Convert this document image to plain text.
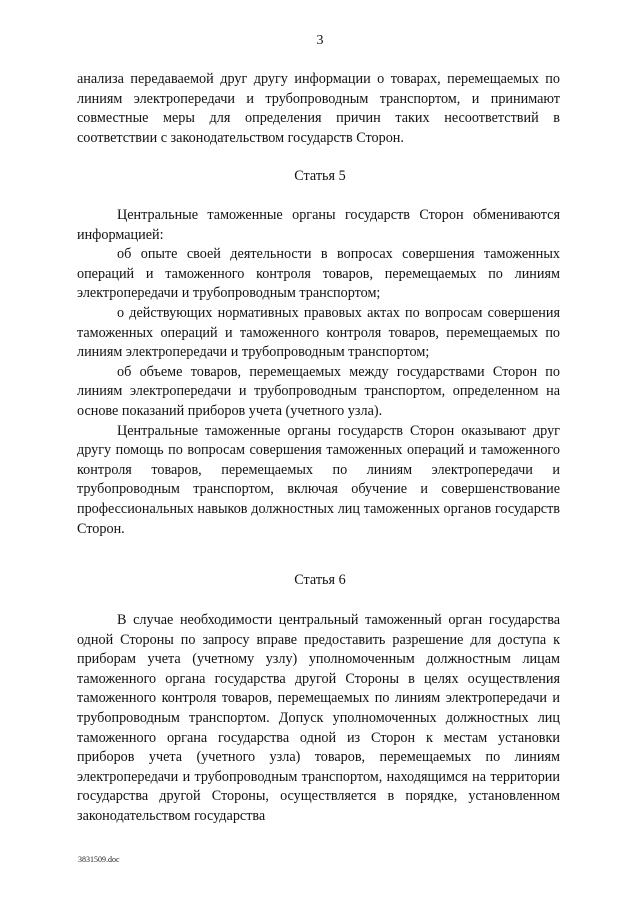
3

анализа передаваемой друг другу информации о товарах, перемещаемых по линиям электропередачи и трубопроводным транспортом, и принимают совместные меры для определения причин таких несоответствий в соответствии с законодательством государств Сторон.

Статья 5

Центральные таможенные органы государств Сторон обмениваются информацией:

об опыте своей деятельности в вопросах совершения таможенных операций и таможенного контроля товаров, перемещаемых по линиям электропередачи и трубопроводным транспортом;

о действующих нормативных правовых актах по вопросам совершения таможенных операций и таможенного контроля товаров, перемещаемых по линиям электропередачи и трубопроводным транспортом;

об объеме товаров, перемещаемых между государствами Сторон по линиям электропередачи и трубопроводным транспортом, определенном на основе показаний приборов учета (учетного узла).

Центральные таможенные органы государств Сторон оказывают друг другу помощь по вопросам совершения таможенных операций и таможенного контроля товаров, перемещаемых по линиям электропередачи и трубопроводным транспортом, включая обучение и совершенствование профессиональных навыков должностных лиц таможенных органов государств Сторон.

Статья 6

В случае необходимости центральный таможенный орган государства одной Стороны по запросу вправе предоставить разрешение для доступа к приборам учета (учетному узлу) уполномоченным должностным лицам таможенного органа государства другой Стороны в целях осуществления таможенного контроля товаров, перемещаемых по линиям электропередачи и трубопроводным транспортом. Допуск уполномоченных должностных лиц таможенного органа государства одной из Сторон к местам установки приборов учета (учетного узла) товаров, перемещаемых по линиям электропередачи и трубопроводным транспортом, находящимся на территории государства другой Стороны, осуществляется в порядке, установленном законодательством государства

3831509.doc
